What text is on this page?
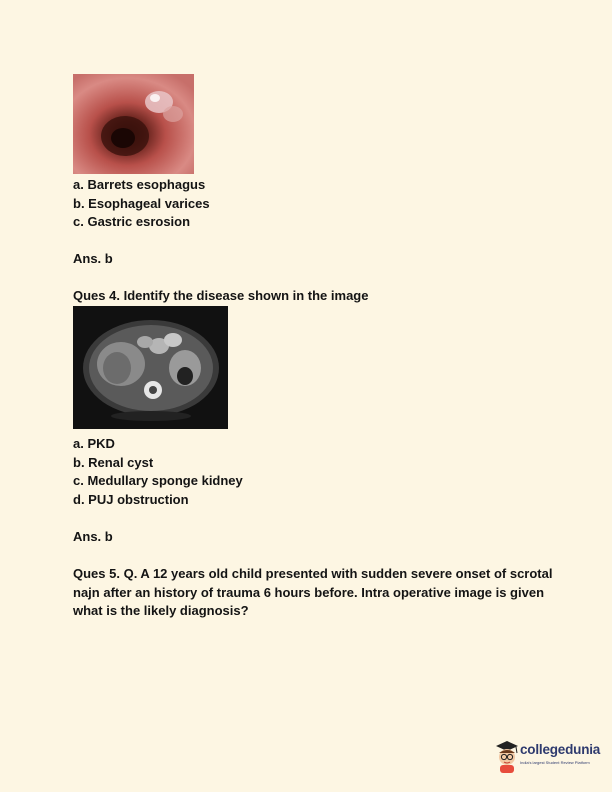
a. Barrets esophagus
b. Esophageal varices
c. Gastric esrosion
Ans. b
Ques 4. Identify the disease shown in the image
a. PKD
b. Renal cyst
c. Medullary sponge kidney
d. PUJ obstruction
Ans. b
Ques 5. Q. A 12 years old child presented with sudden severe onset of scrotal najn after an history of trauma 6 hours before. Intra operative image is given what is the likely diagnosis?
collegedunia
India's largest Student Review Platform
